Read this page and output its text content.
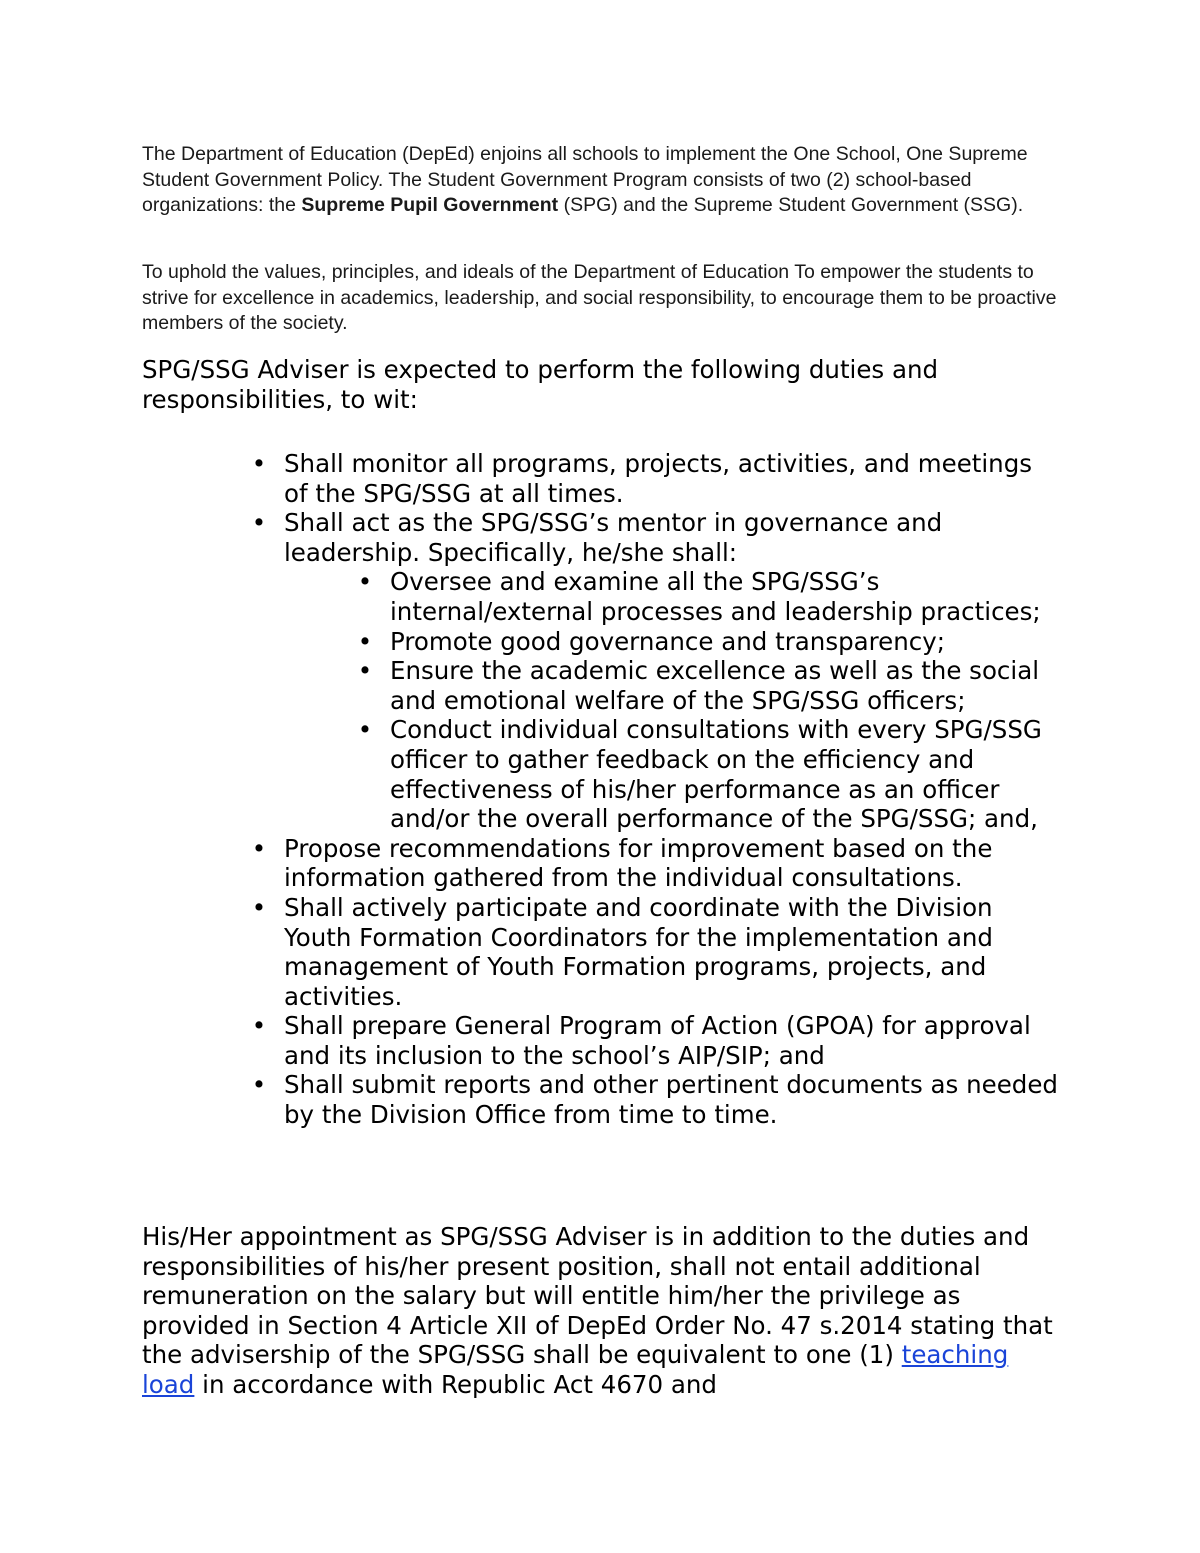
The Department of Education (DepEd) enjoins all schools to implement the One School, One Supreme Student Government Policy. The Student Government Program consists of two (2) school-based organizations: the Supreme Pupil Government (SPG) and the Supreme Student Government (SSG).

To uphold the values, principles, and ideals of the Department of Education To empower the students to strive for excellence in academics, leadership, and social responsibility, to encourage them to be proactive members of the society.

SPG/SSG Adviser is expected to perform the following duties and responsibilities, to wit:

• Shall monitor all programs, projects, activities, and meetings of the SPG/SSG at all times.
• Shall act as the SPG/SSG’s mentor in governance and leadership. Specifically, he/she shall:
• Oversee and examine all the SPG/SSG’s internal/external processes and leadership practices;
• Promote good governance and transparency;
• Ensure the academic excellence as well as the social and emotional welfare of the SPG/SSG officers;
• Conduct individual consultations with every SPG/SSG officer to gather feedback on the efficiency and effectiveness of his/her performance as an officer and/or the overall performance of the SPG/SSG; and,
• Propose recommendations for improvement based on the information gathered from the individual consultations.
• Shall actively participate and coordinate with the Division Youth Formation Coordinators for the implementation and management of Youth Formation programs, projects, and activities.
• Shall prepare General Program of Action (GPOA) for approval and its inclusion to the school’s AIP/SIP; and
• Shall submit reports and other pertinent documents as needed by the Division Office from time to time.

His/Her appointment as SPG/SSG Adviser is in addition to the duties and responsibilities of his/her present position, shall not entail additional remuneration on the salary but will entitle him/her the privilege as provided in Section 4 Article XII of DepEd Order No. 47 s.2014 stating that the advisership of the SPG/SSG shall be equivalent to one (1) teaching load in accordance with Republic Act 4670 and
